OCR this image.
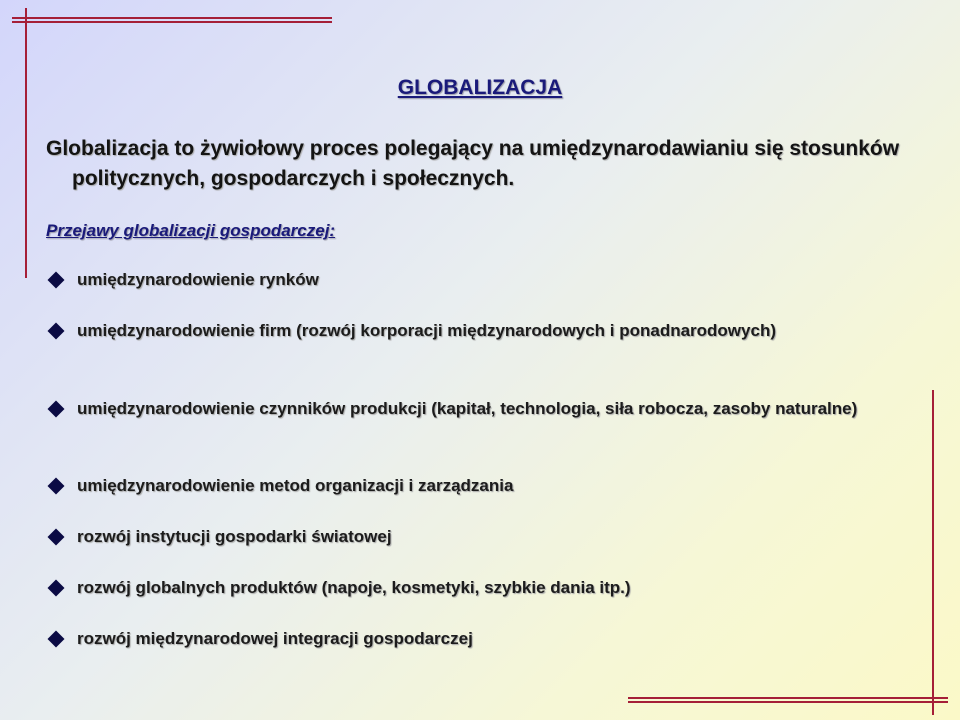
GLOBALIZACJA
Globalizacja to żywiołowy proces polegający na umiędzynarodawianiu się stosunków politycznych, gospodarczych i społecznych.
Przejawy globalizacji gospodarczej:
umiędzynarodowienie rynków
umiędzynarodowienie firm (rozwój korporacji międzynarodowych i ponadnarodowych)
umiędzynarodowienie czynników produkcji (kapitał, technologia, siła robocza, zasoby naturalne)
umiędzynarodowienie metod organizacji i zarządzania
rozwój instytucji gospodarki światowej
rozwój globalnych produktów (napoje, kosmetyki, szybkie dania itp.)
rozwój międzynarodowej integracji gospodarczej
